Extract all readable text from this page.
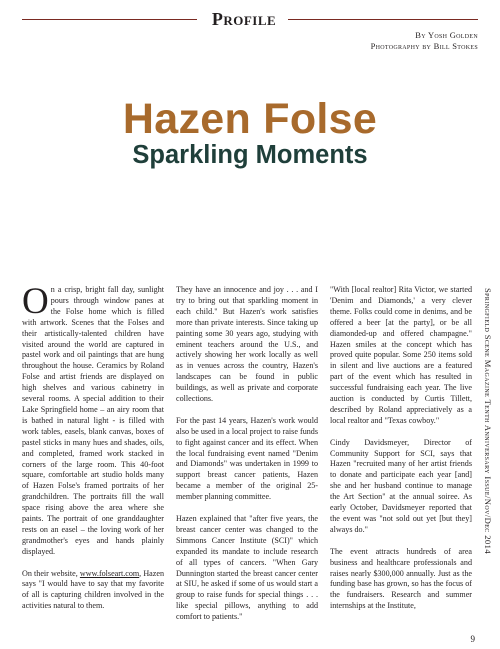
Profile
By Yosh Golden
Photography by Bill Stokes
Hazen Folse
Sparkling Moments

On a crisp, bright fall day, sunlight pours through window panes at the Folse home which is filled with artwork. Scenes that the Folses and their artistically-talented children have visited around the world are captured in pastel work and oil paintings that are hung throughout the house. Ceramics by Roland Folse and artist friends are displayed on high shelves and various cabinetry in several rooms. A special addition to their Lake Springfield home – an airy room that is bathed in natural light - is filled with work tables, easels, blank canvas, boxes of pastel sticks in many hues and shades, oils, and completed, framed work stacked in corners of the large room. This 40-foot square, comfortable art studio holds many of Hazen Folse's framed portraits of her grandchildren. The portraits fill the wall space rising above the area where she paints. The portrait of one granddaughter rests on an easel – the loving work of her grandmother's eyes and hands plainly displayed.

On their website, www.folseart.com, Hazen says "I would have to say that my favorite of all is capturing children involved in the activities natural to them.

They have an innocence and joy . . . and I try to bring out that sparkling moment in each child." But Hazen's work satisfies more than private interests. Since taking up painting some 30 years ago, studying with eminent teachers around the U.S., and actively showing her work locally as well as in venues across the country, Hazen's landscapes can be found in public buildings, as well as private and corporate collections.

For the past 14 years, Hazen's work would also be used in a local project to raise funds to fight against cancer and its effect. When the local fundraising event named "Denim and Diamonds" was undertaken in 1999 to support breast cancer patients, Hazen became a member of the original 25-member planning committee.

Hazen explained that "after five years, the breast cancer center was changed to the Simmons Cancer Institute (SCI)" which expanded its mandate to include research of all types of cancers. "When Gary Dunnington started the breast cancer center at SIU, he asked if some of us would start a group to raise funds for special things . . . like special pillows, anything to add comfort to patients."

"With [local realtor] Rita Victor, we started 'Denim and Diamonds,' a very clever theme. Folks could come in denims, and be offered a beer [at the party], or be all diamonded-up and offered champagne." Hazen smiles at the concept which has proved quite popular. Some 250 items sold in silent and live auctions are a featured part of the event which has resulted in successful fundraising each year. The live auction is conducted by Curtis Tillett, described by Roland appreciatively as a local realtor and "Texas cowboy."

Cindy Davidsmeyer, Director of Community Support for SCI, says that Hazen "recruited many of her artist friends to donate and participate each year [and] she and her husband continue to manage the Art Section" at the annual soiree. As early October, Davidsmeyer reported that the event was "not sold out yet [but they] always do."

The event attracts hundreds of area business and healthcare professionals and raises nearly $300,000 annually. Just as the funding base has grown, so has the focus of the fundraisers. Research and summer internships at the Institute,

Springfield Scene Magazine Tenth Anniversary Issue/Nov/Dec 2014
9
